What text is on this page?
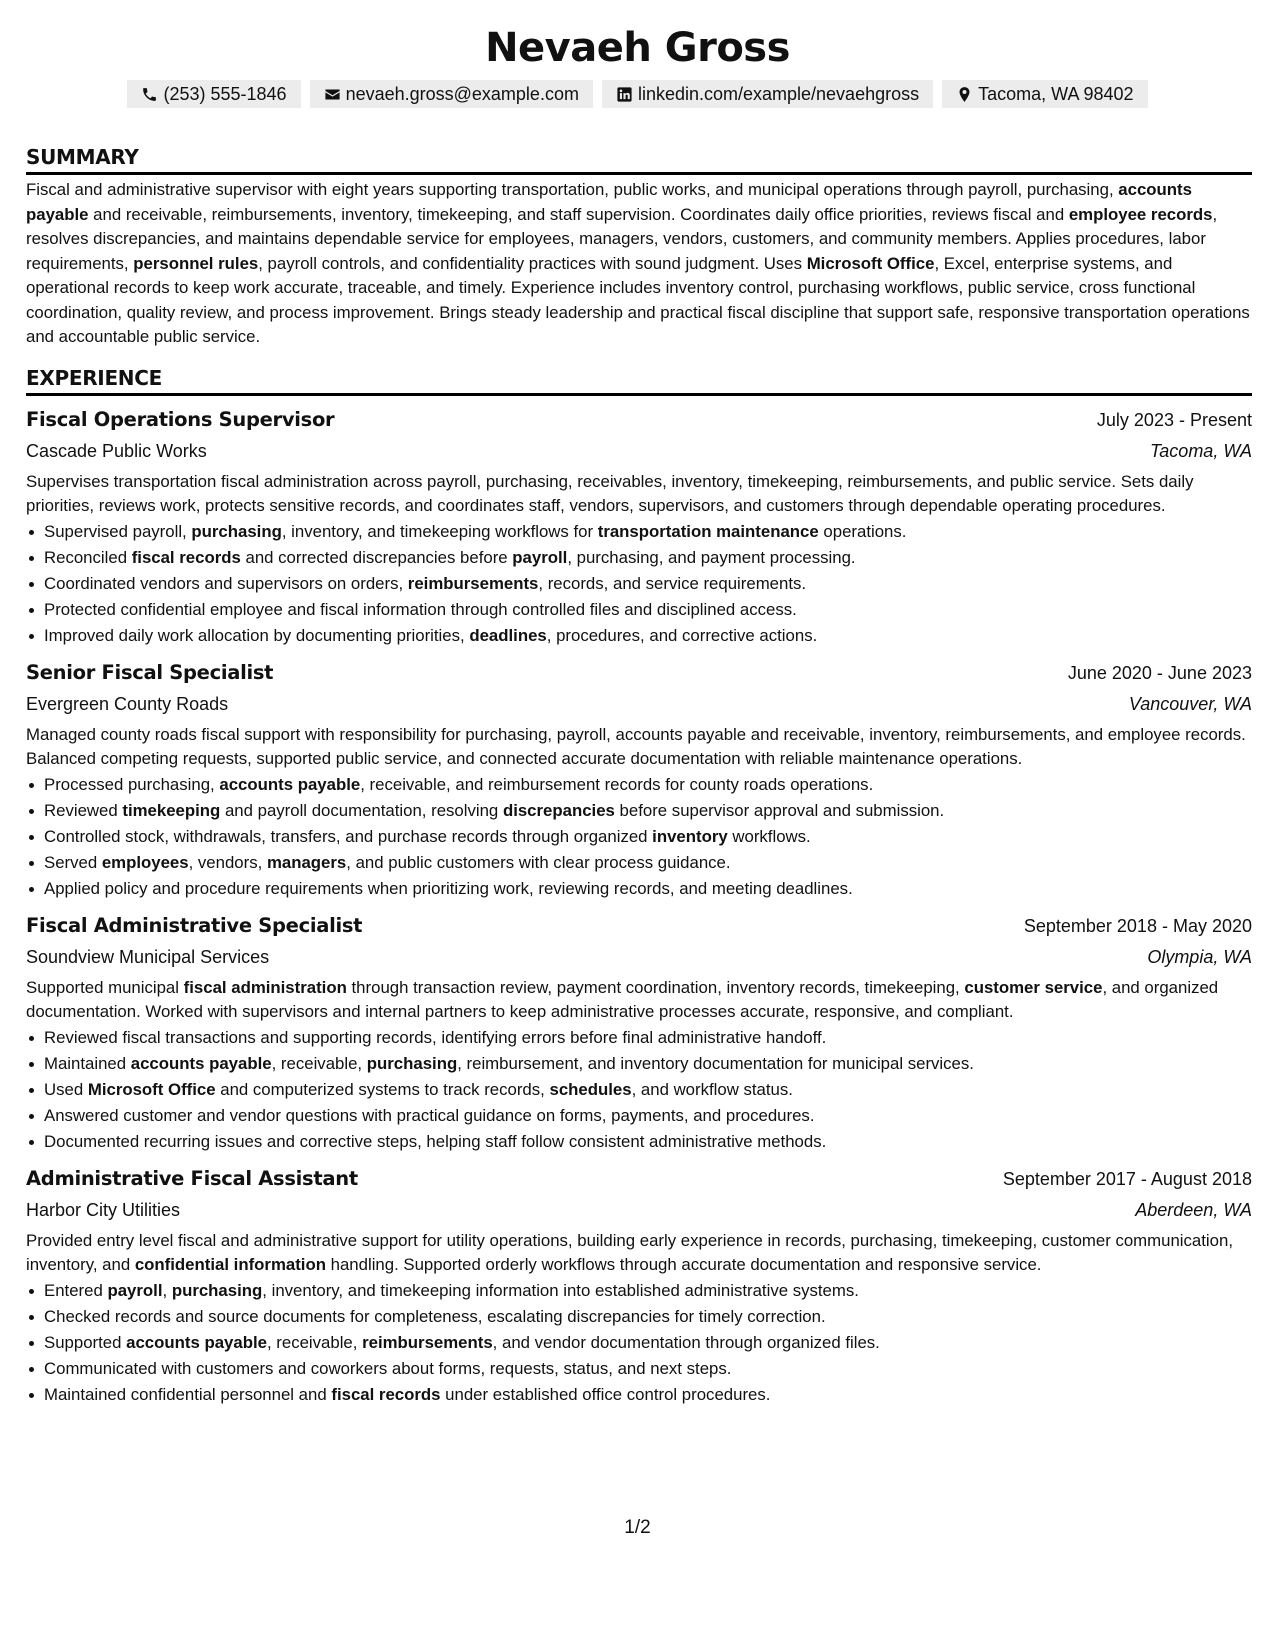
Nevaeh Gross
(253) 555-1846	nevaeh.gross@example.com	linkedin.com/example/nevaehgross	Tacoma, WA 98402
SUMMARY

Fiscal and administrative supervisor with eight years supporting transportation, public works, and municipal operations through payroll, purchasing, accounts payable and receivable, reimbursements, inventory, timekeeping, and staff supervision. Coordinates daily office priorities, reviews fiscal and employee records, resolves discrepancies, and maintains dependable service for employees, managers, vendors, customers, and community members. Applies procedures, labor requirements, personnel rules, payroll controls, and confidentiality practices with sound judgment. Uses Microsoft Office, Excel, enterprise systems, and operational records to keep work accurate, traceable, and timely. Experience includes inventory control, purchasing workflows, public service, cross functional coordination, quality review, and process improvement. Brings steady leadership and practical fiscal discipline that support safe, responsive transportation operations and accountable public service.

EXPERIENCE
Fiscal Operations Supervisor	July 2023 - Present
Cascade Public Works	Tacoma, WA

Supervises transportation fiscal administration across payroll, purchasing, receivables, inventory, timekeeping, reimbursements, and public service. Sets daily priorities, reviews work, protects sensitive records, and coordinates staff, vendors, supervisors, and customers through dependable operating procedures.

Supervised payroll, purchasing, inventory, and timekeeping workflows for transportation maintenance operations.
Reconciled fiscal records and corrected discrepancies before payroll, purchasing, and payment processing.
Coordinated vendors and supervisors on orders, reimbursements, records, and service requirements.
Protected confidential employee and fiscal information through controlled files and disciplined access.
Improved daily work allocation by documenting priorities, deadlines, procedures, and corrective actions.
Senior Fiscal Specialist	June 2020 - June 2023
Evergreen County Roads	Vancouver, WA

Managed county roads fiscal support with responsibility for purchasing, payroll, accounts payable and receivable, inventory, reimbursements, and employee records. Balanced competing requests, supported public service, and connected accurate documentation with reliable maintenance operations.

Processed purchasing, accounts payable, receivable, and reimbursement records for county roads operations.
Reviewed timekeeping and payroll documentation, resolving discrepancies before supervisor approval and submission.
Controlled stock, withdrawals, transfers, and purchase records through organized inventory workflows.
Served employees, vendors, managers, and public customers with clear process guidance.
Applied policy and procedure requirements when prioritizing work, reviewing records, and meeting deadlines.
Fiscal Administrative Specialist	September 2018 - May 2020
Soundview Municipal Services	Olympia, WA

Supported municipal fiscal administration through transaction review, payment coordination, inventory records, timekeeping, customer service, and organized documentation. Worked with supervisors and internal partners to keep administrative processes accurate, responsive, and compliant.

Reviewed fiscal transactions and supporting records, identifying errors before final administrative handoff.
Maintained accounts payable, receivable, purchasing, reimbursement, and inventory documentation for municipal services.
Used Microsoft Office and computerized systems to track records, schedules, and workflow status.
Answered customer and vendor questions with practical guidance on forms, payments, and procedures.
Documented recurring issues and corrective steps, helping staff follow consistent administrative methods.
Administrative Fiscal Assistant	September 2017 - August 2018
Harbor City Utilities	Aberdeen, WA

Provided entry level fiscal and administrative support for utility operations, building early experience in records, purchasing, timekeeping, customer communication, inventory, and confidential information handling. Supported orderly workflows through accurate documentation and responsive service.

Entered payroll, purchasing, inventory, and timekeeping information into established administrative systems.
Checked records and source documents for completeness, escalating discrepancies for timely correction.
Supported accounts payable, receivable, reimbursements, and vendor documentation through organized files.
Communicated with customers and coworkers about forms, requests, status, and next steps.
Maintained confidential personnel and fiscal records under established office control procedures.
1/2
